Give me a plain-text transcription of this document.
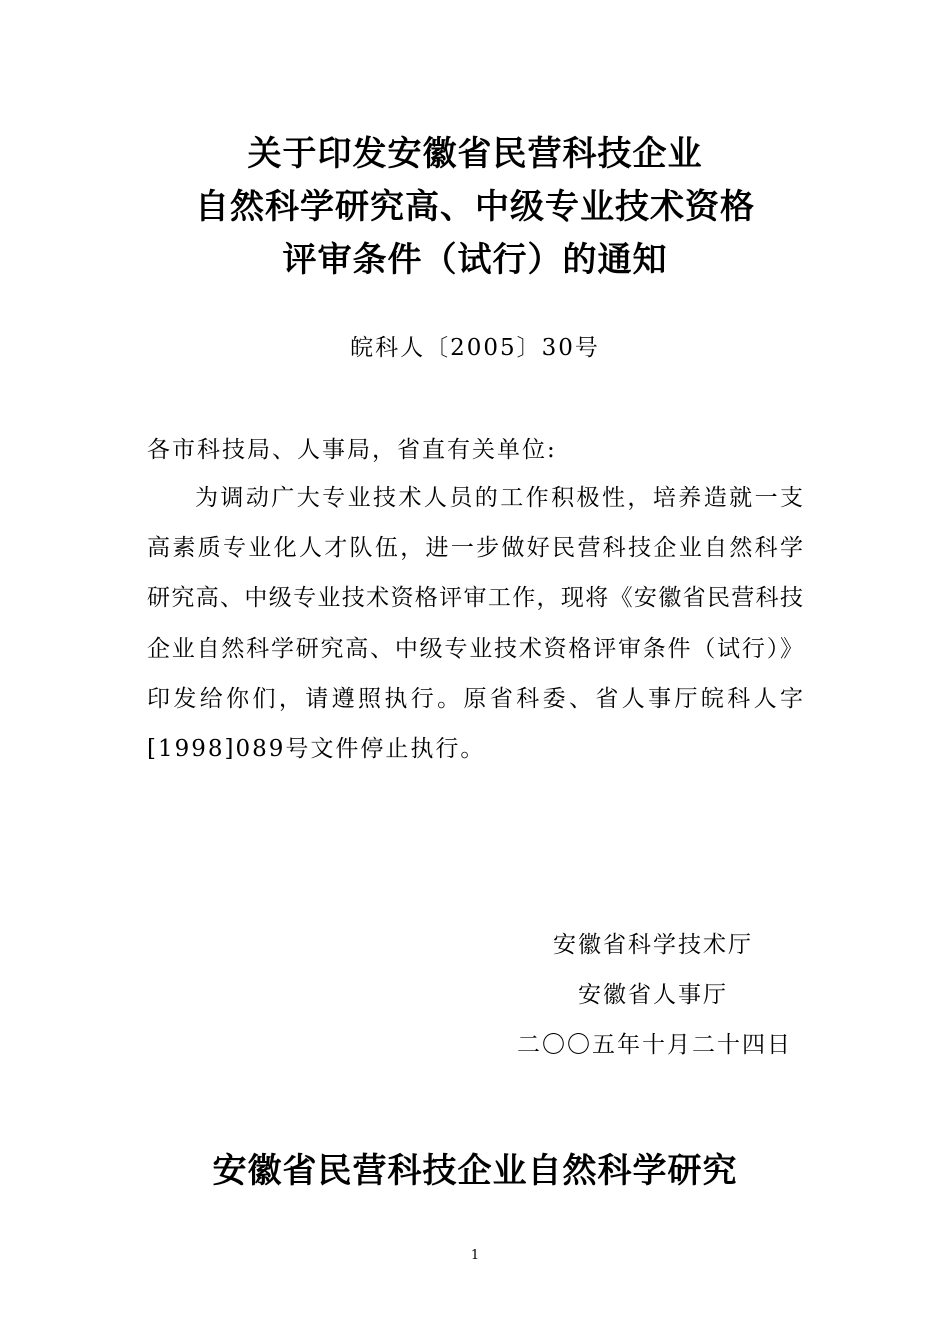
关于印发安徽省民营科技企业
自然科学研究高、中级专业技术资格
评审条件（试行）的通知
皖科人〔2005〕30号
各市科技局、人事局，省直有关单位:
为调动广大专业技术人员的工作积极性，培养造就一支
高素质专业化人才队伍，进一步做好民营科技企业自然科学
研究高、中级专业技术资格评审工作，现将《安徽省民营科技
企业自然科学研究高、中级专业技术资格评审条件（试行）》
印发给你们，请遵照执行。原省科委、省人事厅皖科人字
[1998]089号文件停止执行。
安徽省科学技术厅
安徽省人事厅
二〇〇五年十月二十四日
安徽省民营科技企业自然科学研究
1
